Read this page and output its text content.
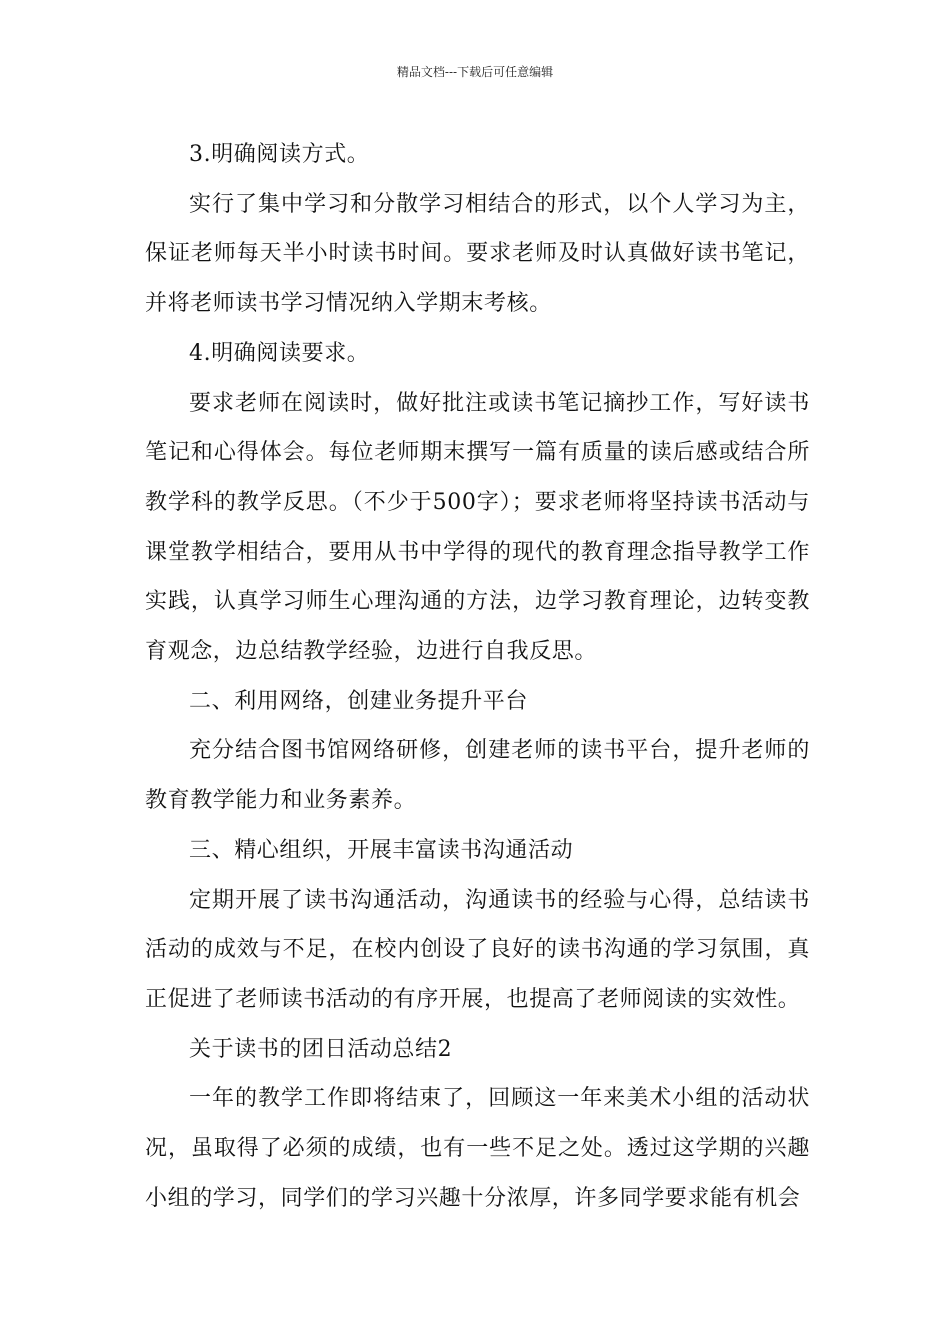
精品文档---下载后可任意编辑

3.明确阅读方式。

实行了集中学习和分散学习相结合的形式，以个人学习为主，保证老师每天半小时读书时间。要求老师及时认真做好读书笔记，并将老师读书学习情况纳入学期末考核。

4.明确阅读要求。

要求老师在阅读时，做好批注或读书笔记摘抄工作，写好读书笔记和心得体会。每位老师期末撰写一篇有质量的读后感或结合所教学科的教学反思。（不少于500字）；要求老师将坚持读书活动与课堂教学相结合，要用从书中学得的现代的教育理念指导教学工作实践，认真学习师生心理沟通的方法，边学习教育理论，边转变教育观念，边总结教学经验，边进行自我反思。

二、利用网络，创建业务提升平台

充分结合图书馆网络研修，创建老师的读书平台，提升老师的教育教学能力和业务素养。

三、精心组织，开展丰富读书沟通活动

定期开展了读书沟通活动，沟通读书的经验与心得，总结读书活动的成效与不足，在校内创设了良好的读书沟通的学习氛围，真正促进了老师读书活动的有序开展，也提高了老师阅读的实效性。

关于读书的团日活动总结2

一年的教学工作即将结束了，回顾这一年来美术小组的活动状况，虽取得了必须的成绩，也有一些不足之处。透过这学期的兴趣小组的学习，同学们的学习兴趣十分浓厚，许多同学要求能有机会
